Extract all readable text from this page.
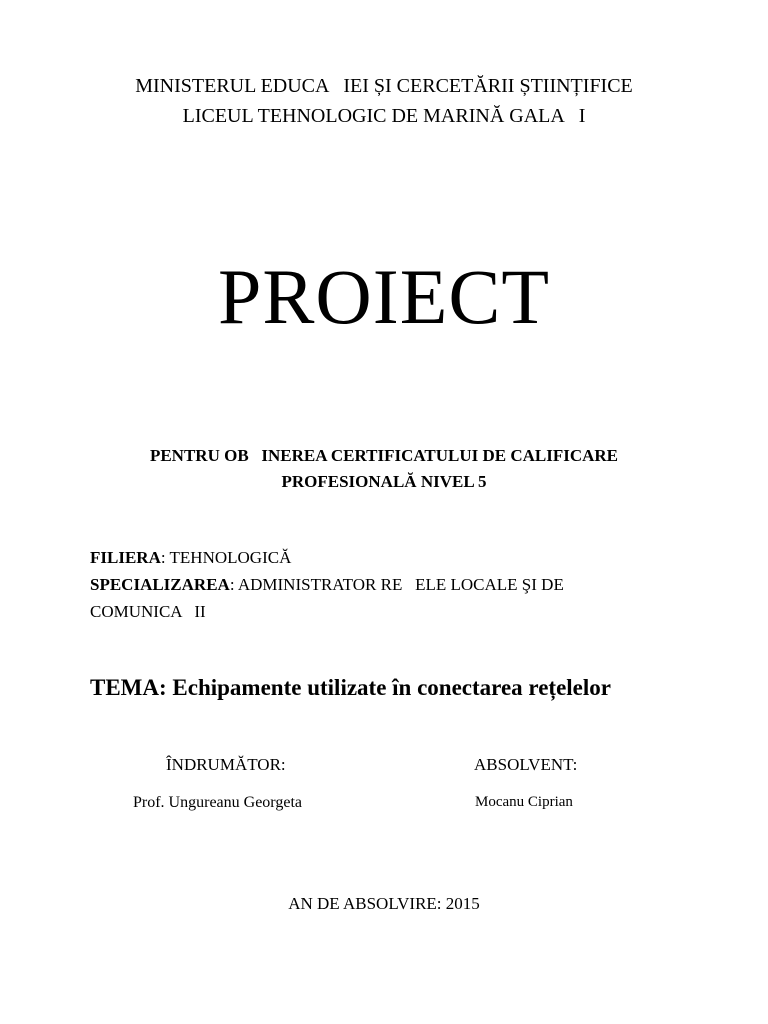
MINISTERUL EDUCA   IEI ȘI CERCETĂRII ȘTIINȚIFICE
LICEUL TEHNOLOGIC DE MARINĂ GALA   I
PROIECT
PENTRU OB   INEREA CERTIFICATULUI DE CALIFICARE
PROFESIONALĂ NIVEL 5
FILIERA: TEHNOLOGICĂ
SPECIALIZAREA: ADMINISTRATOR RE   ELE LOCALE ŞI DE
COMUNICA   II
TEMA: Echipamente utilizate în conectarea rețelelor
ÎNDRUMĂTOR:	ABSOLVENT:
Prof. Ungureanu Georgeta	Mocanu Ciprian
AN DE ABSOLVIRE: 2015
